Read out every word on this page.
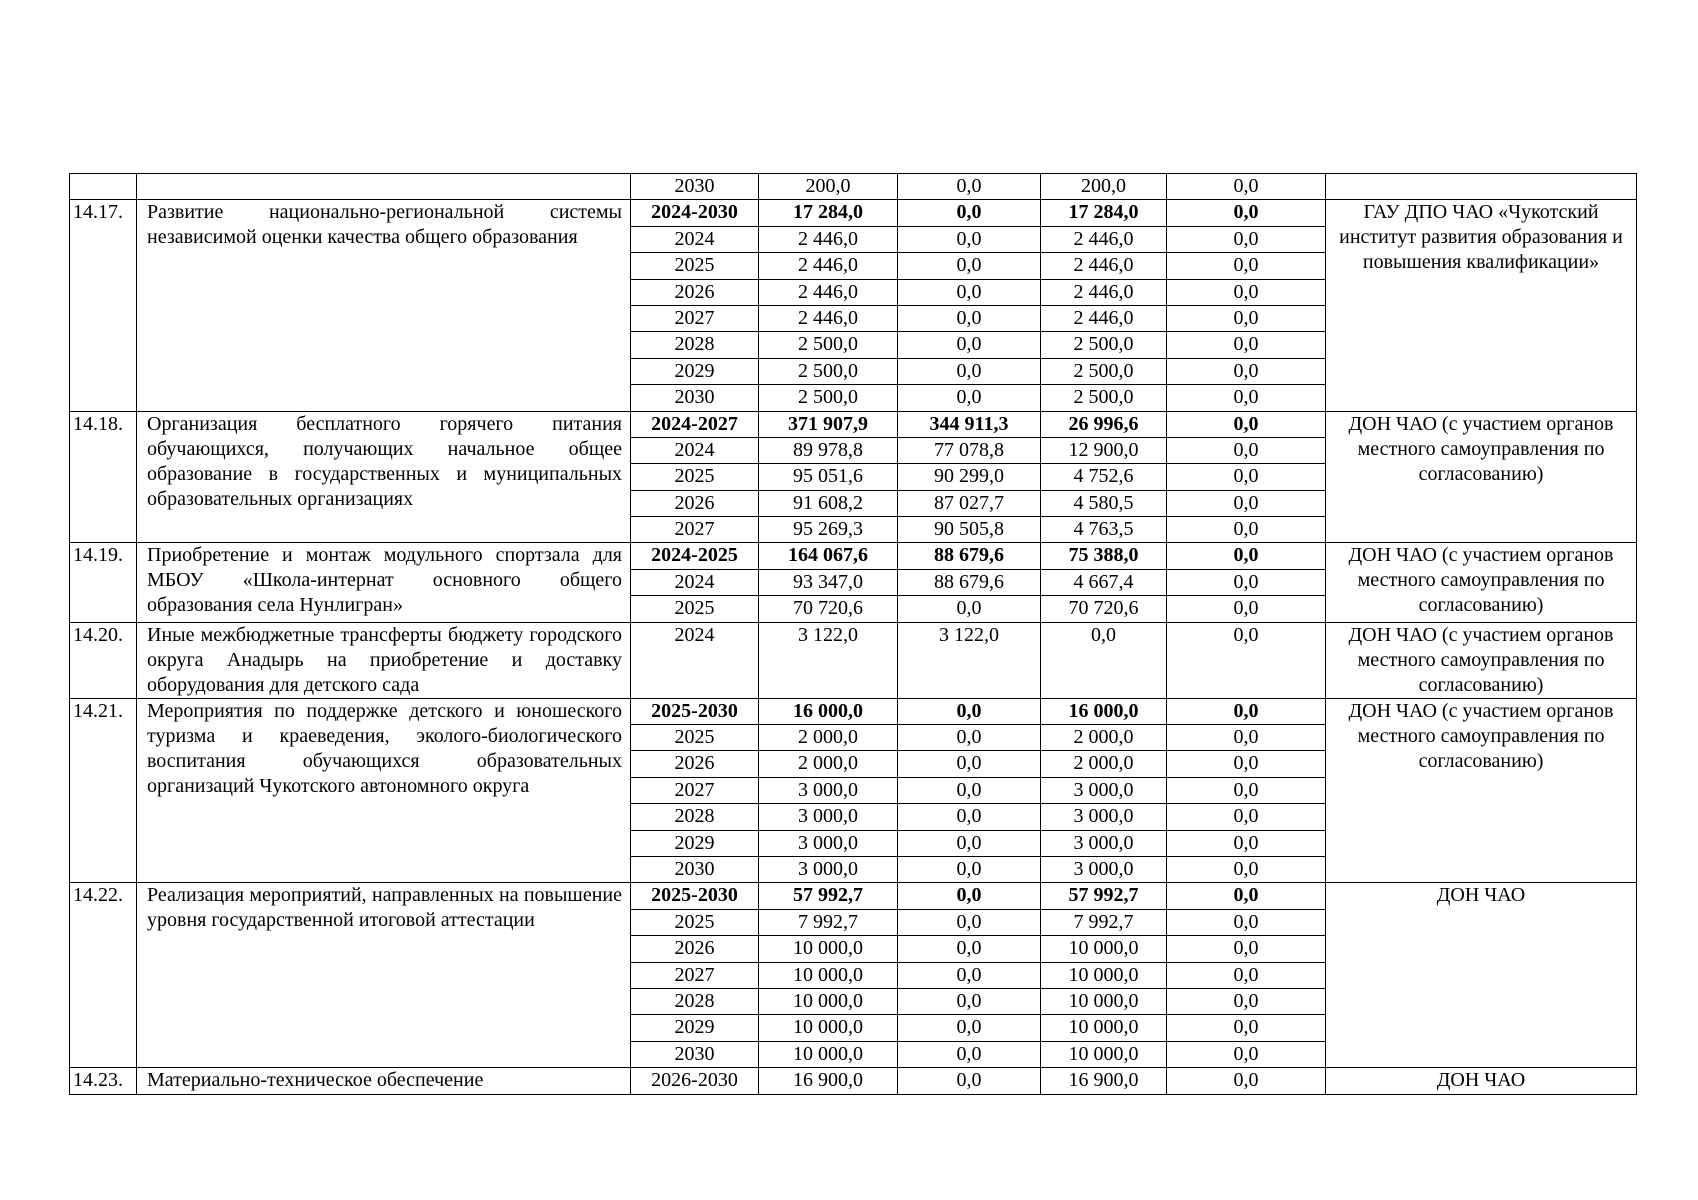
		2030	200,0	0,0	200,0	0,0	
14.17.	Развитие национально-региональной системы независимой оценки качества общего образования	2024-2030	17 284,0	0,0	17 284,0	0,0	ГАУ ДПО ЧАО «Чукотский институт развития образования и повышения квалификации»
		2024	2 446,0	0,0	2 446,0	0,0	
		2025	2 446,0	0,0	2 446,0	0,0	
		2026	2 446,0	0,0	2 446,0	0,0	
		2027	2 446,0	0,0	2 446,0	0,0	
		2028	2 500,0	0,0	2 500,0	0,0	
		2029	2 500,0	0,0	2 500,0	0,0	
		2030	2 500,0	0,0	2 500,0	0,0	
14.18.	Организация бесплатного горячего питания обучающихся, получающих начальное общее образование в государственных и муниципальных образовательных организациях	2024-2027	371 907,9	344 911,3	26 996,6	0,0	ДОН ЧАО (с участием органов местного самоуправления по согласованию)
		2024	89 978,8	77 078,8	12 900,0	0,0	
		2025	95 051,6	90 299,0	4 752,6	0,0	
		2026	91 608,2	87 027,7	4 580,5	0,0	
		2027	95 269,3	90 505,8	4 763,5	0,0	
14.19.	Приобретение и монтаж модульного спортзала для МБОУ «Школа-интернат основного общего образования села Нунлигран»	2024-2025	164 067,6	88 679,6	75 388,0	0,0	ДОН ЧАО (с участием органов местного самоуправления по согласованию)
		2024	93 347,0	88 679,6	4 667,4	0,0	
		2025	70 720,6	0,0	70 720,6	0,0	
14.20.	Иные межбюджетные трансферты бюджету городского округа Анадырь на приобретение и доставку оборудования для детского сада	2024	3 122,0	3 122,0	0,0	0,0	ДОН ЧАО (с участием органов местного самоуправления по согласованию)
14.21.	Мероприятия по поддержке детского и юношеского туризма и краеведения, эколого-биологического воспитания обучающихся образовательных организаций Чукотского автономного округа	2025-2030	16 000,0	0,0	16 000,0	0,0	ДОН ЧАО (с участием органов местного самоуправления по согласованию)
		2025	2 000,0	0,0	2 000,0	0,0	
		2026	2 000,0	0,0	2 000,0	0,0	
		2027	3 000,0	0,0	3 000,0	0,0	
		2028	3 000,0	0,0	3 000,0	0,0	
		2029	3 000,0	0,0	3 000,0	0,0	
		2030	3 000,0	0,0	3 000,0	0,0	
14.22.	Реализация мероприятий, направленных на повышение уровня государственной итоговой аттестации	2025-2030	57 992,7	0,0	57 992,7	0,0	ДОН ЧАО
		2025	7 992,7	0,0	7 992,7	0,0	
		2026	10 000,0	0,0	10 000,0	0,0	
		2027	10 000,0	0,0	10 000,0	0,0	
		2028	10 000,0	0,0	10 000,0	0,0	
		2029	10 000,0	0,0	10 000,0	0,0	
		2030	10 000,0	0,0	10 000,0	0,0	
14.23.	Материально-техническое обеспечение	2026-2030	16 900,0	0,0	16 900,0	0,0	ДОН ЧАО
